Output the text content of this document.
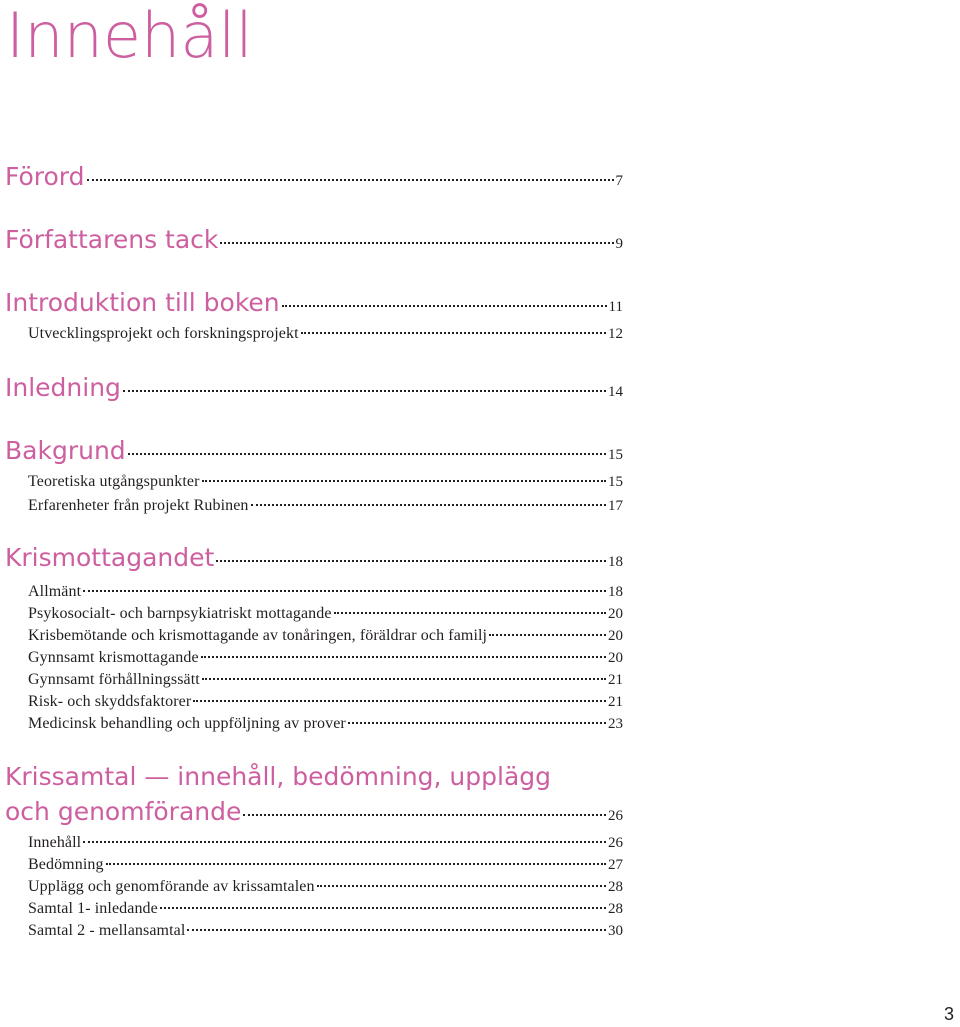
Innehåll
Förord	7
Författarens tack	9
Introduktion till boken	11
Utvecklingsprojekt och forskningsprojekt	12
Inledning	14
Bakgrund	15
Teoretiska utgångspunkter	15
Erfarenheter från projekt Rubinen	17
Krismottagandet	18
Allmänt	18
Psykosocialt- och barnpsykiatriskt mottagande	20
Krisbemötande och krismottagande av tonåringen, föräldrar och familj	20
Gynnsamt krismottagande	20
Gynnsamt förhållningssätt	21
Risk- och skyddsfaktorer	21
Medicinsk behandling och uppföljning av prover	23
Krissamtal — innehåll, bedömning, upplägg
och genomförande	26
Innehåll	26
Bedömning	27
Upplägg och genomförande av krissamtalen	28
Samtal 1- inledande	28
Samtal 2 - mellansamtal	30
3
